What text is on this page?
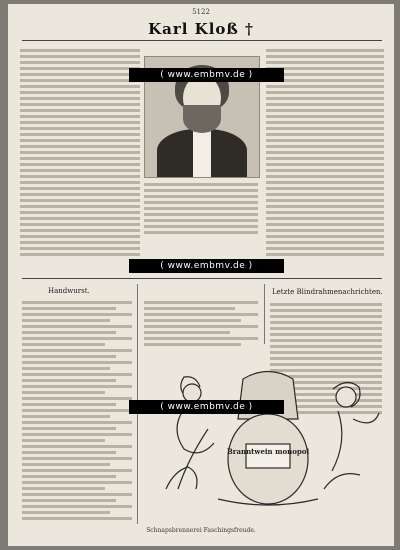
5122
Karl Kloß †
Handwurst.	Letzte Blindrahmenachrichten.
Branntwein monopol
Schnapsbrennerei Faschingsfreude.
( www.embmv.de )
( www.embmv.de )
( www.embmv.de )
